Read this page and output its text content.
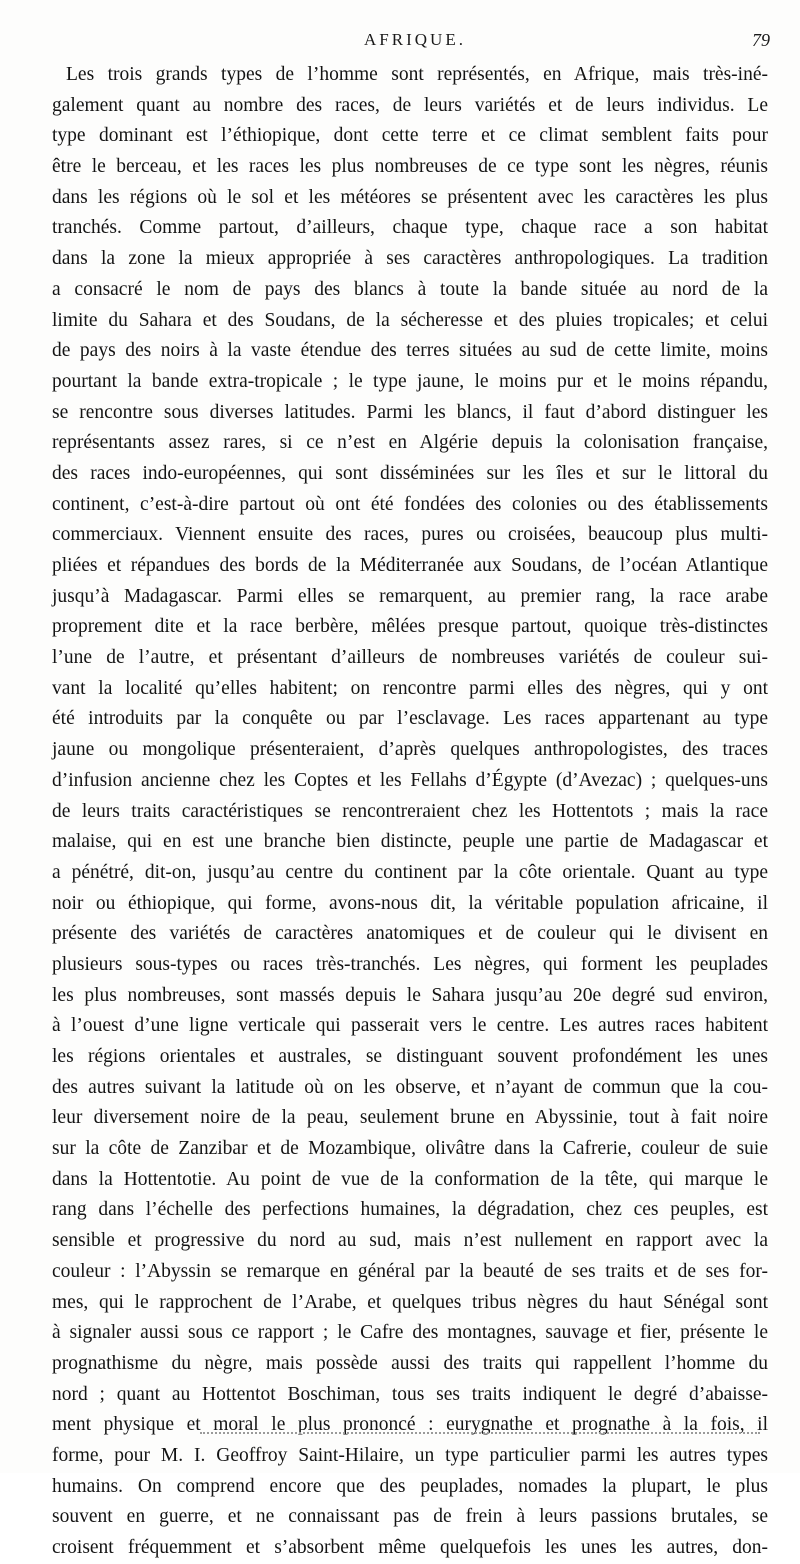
AFRIQUE.	79
Les trois grands types de l’homme sont représentés, en Afrique, mais très-iné-
galement quant au nombre des races, de leurs variétés et de leurs individus. Le
type dominant est l’éthiopique, dont cette terre et ce climat semblent faits pour
être le berceau, et les races les plus nombreuses de ce type sont les nègres, réunis
dans les régions où le sol et les météores se présentent avec les caractères les plus
tranchés. Comme partout, d’ailleurs, chaque type, chaque race a son habitat
dans la zone la mieux appropriée à ses caractères anthropologiques. La tradition
a consacré le nom de pays des blancs à toute la bande située au nord de la
limite du Sahara et des Soudans, de la sécheresse et des pluies tropicales; et celui
de pays des noirs à la vaste étendue des terres situées au sud de cette limite, moins
pourtant la bande extra-tropicale ; le type jaune, le moins pur et le moins répandu,
se rencontre sous diverses latitudes. Parmi les blancs, il faut d’abord distinguer les
représentants assez rares, si ce n’est en Algérie depuis la colonisation française,
des races indo-européennes, qui sont disséminées sur les îles et sur le littoral du
continent, c’est-à-dire partout où ont été fondées des colonies ou des établissements
commerciaux. Viennent ensuite des races, pures ou croisées, beaucoup plus multi-
pliées et répandues des bords de la Méditerranée aux Soudans, de l’océan Atlantique
jusqu’à Madagascar. Parmi elles se remarquent, au premier rang, la race arabe
proprement dite et la race berbère, mêlées presque partout, quoique très-distinctes
l’une de l’autre, et présentant d’ailleurs de nombreuses variétés de couleur sui-
vant la localité qu’elles habitent; on rencontre parmi elles des nègres, qui y ont
été introduits par la conquête ou par l’esclavage. Les races appartenant au type
jaune ou mongolique présenteraient, d’après quelques anthropologistes, des traces
d’infusion ancienne chez les Coptes et les Fellahs d’Égypte (d’Avezac) ; quelques-uns
de leurs traits caractéristiques se rencontreraient chez les Hottentots ; mais la race
malaise, qui en est une branche bien distincte, peuple une partie de Madagascar et
a pénétré, dit-on, jusqu’au centre du continent par la côte orientale. Quant au type
noir ou éthiopique, qui forme, avons-nous dit, la véritable population africaine, il
présente des variétés de caractères anatomiques et de couleur qui le divisent en
plusieurs sous-types ou races très-tranchés. Les nègres, qui forment les peuplades
les plus nombreuses, sont massés depuis le Sahara jusqu’au 20e degré sud environ,
à l’ouest d’une ligne verticale qui passerait vers le centre. Les autres races habitent
les régions orientales et australes, se distinguant souvent profondément les unes
des autres suivant la latitude où on les observe, et n’ayant de commun que la cou-
leur diversement noire de la peau, seulement brune en Abyssinie, tout à fait noire
sur la côte de Zanzibar et de Mozambique, olivâtre dans la Cafrerie, couleur de suie
dans la Hottentotie. Au point de vue de la conformation de la tête, qui marque le
rang dans l’échelle des perfections humaines, la dégradation, chez ces peuples, est
sensible et progressive du nord au sud, mais n’est nullement en rapport avec la
couleur : l’Abyssin se remarque en général par la beauté de ses traits et de ses for-
mes, qui le rapprochent de l’Arabe, et quelques tribus nègres du haut Sénégal sont
à signaler aussi sous ce rapport ; le Cafre des montagnes, sauvage et fier, présente le
prognathisme du nègre, mais possède aussi des traits qui rappellent l’homme du
nord ; quant au Hottentot Boschiman, tous ses traits indiquent le degré d’abaisse-
ment physique et moral le plus prononcé : eurygnathe et prognathe à la fois, il
forme, pour M. I. Geoffroy Saint-Hilaire, un type particulier parmi les autres types
humains. On comprend encore que des peuplades, nomades la plupart, le plus
souvent en guerre, et ne connaissant pas de frein à leurs passions brutales, se
croisent fréquemment et s’absorbent même quelquefois les unes les autres, don-
